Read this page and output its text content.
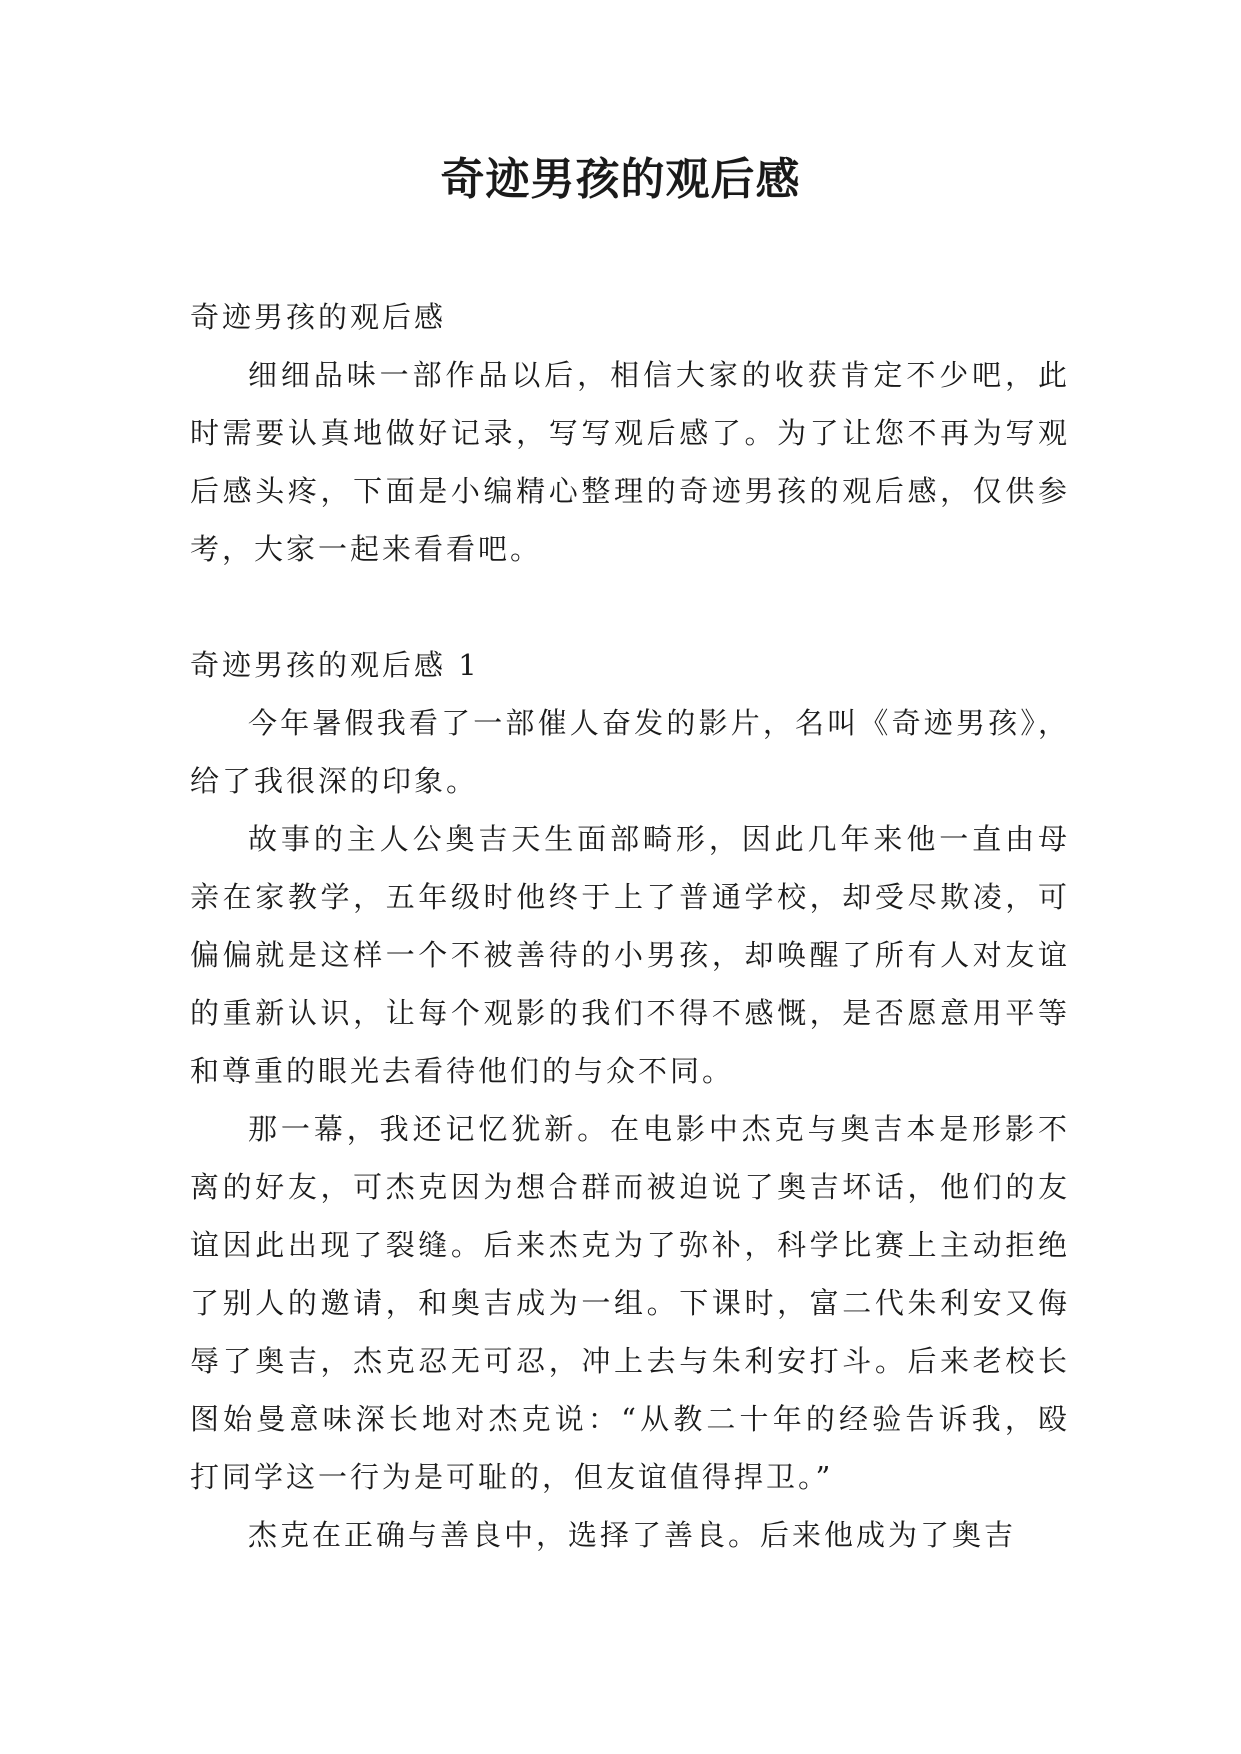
奇迹男孩的观后感
奇迹男孩的观后感

细细品味一部作品以后，相信大家的收获肯定不少吧，此时需要认真地做好记录，写写观后感了。为了让您不再为写观后感头疼，下面是小编精心整理的奇迹男孩的观后感，仅供参考，大家一起来看看吧。

奇迹男孩的观后感 1

今年暑假我看了一部催人奋发的影片，名叫《奇迹男孩》，给了我很深的印象。

故事的主人公奥吉天生面部畸形，因此几年来他一直由母亲在家教学，五年级时他终于上了普通学校，却受尽欺凌，可偏偏就是这样一个不被善待的小男孩，却唤醒了所有人对友谊的重新认识，让每个观影的我们不得不感慨，是否愿意用平等和尊重的眼光去看待他们的与众不同。

那一幕，我还记忆犹新。在电影中杰克与奥吉本是形影不离的好友，可杰克因为想合群而被迫说了奥吉坏话，他们的友谊因此出现了裂缝。后来杰克为了弥补，科学比赛上主动拒绝了别人的邀请，和奥吉成为一组。下课时，富二代朱利安又侮辱了奥吉，杰克忍无可忍，冲上去与朱利安打斗。后来老校长图始曼意味深长地对杰克说：“从教二十年的经验告诉我，殴打同学这一行为是可耻的，但友谊值得捍卫。”

杰克在正确与善良中，选择了善良。后来他成为了奥吉
